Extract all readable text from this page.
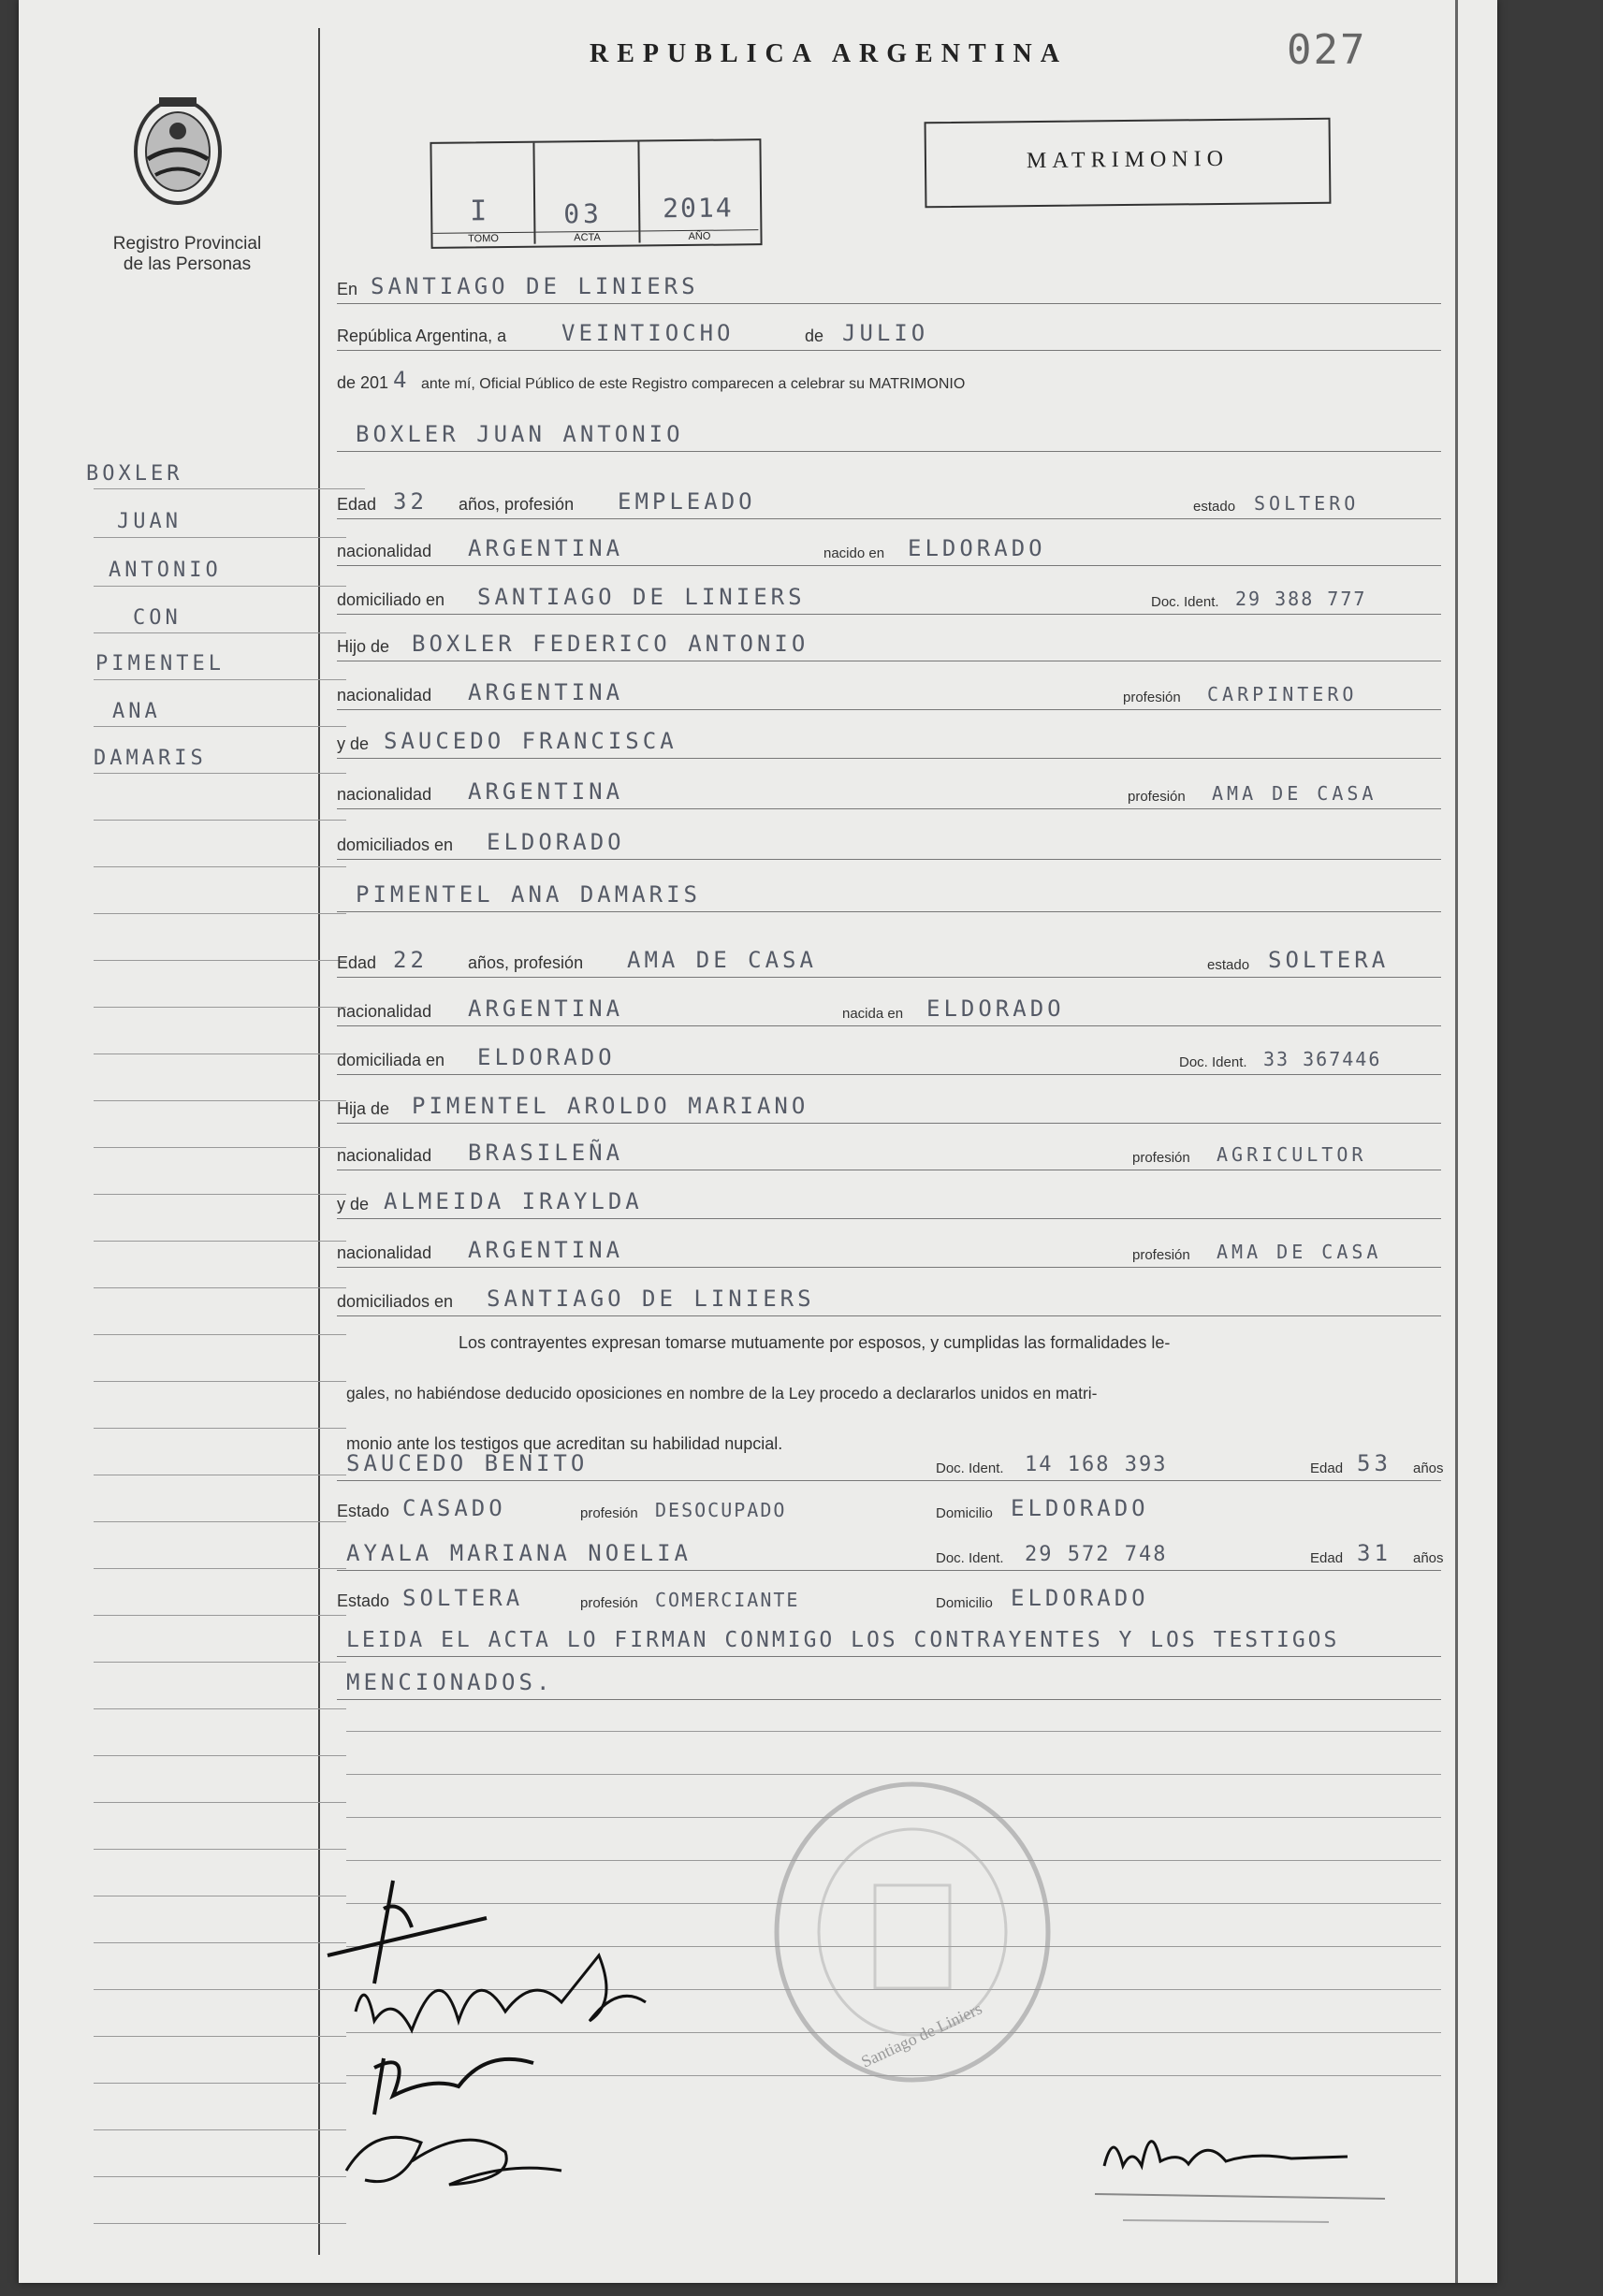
REPUBLICA ARGENTINA	027
Registro Provincial
de las Personas
I
TOMO
03
ACTA
2014
AÑO
MATRIMONIO
BOXLER
JUAN
ANTONIO
CON
PIMENTEL
ANA
DAMARIS
En SANTIAGO DE LINIERS
República Argentina, a VEINTIOCHO	de JULIO
de 201 4 ante mí, Oficial Público de este Registro comparecen a celebrar su MATRIMONIO
BOXLER JUAN ANTONIO
Edad 32 años, profesión EMPLEADO	estado SOLTERO
nacionalidad ARGENTINA	nacido en ELDORADO
domiciliado en SANTIAGO DE LINIERS	Doc. Ident. 29 388 777
Hijo de BOXLER FEDERICO ANTONIO
nacionalidad ARGENTINA	profesión CARPINTERO
y de SAUCEDO FRANCISCA
nacionalidad ARGENTINA	profesión AMA DE CASA
domiciliados en ELDORADO
PIMENTEL ANA DAMARIS
Edad 22 años, profesión AMA DE CASA	estado SOLTERA
nacionalidad ARGENTINA	nacida en ELDORADO
domiciliada en ELDORADO	Doc. Ident. 33 367446
Hija de PIMENTEL AROLDO MARIANO
nacionalidad BRASILEÑA	profesión AGRICULTOR
y de ALMEIDA IRAYLDA
nacionalidad ARGENTINA	profesión AMA DE CASA
domiciliados en SANTIAGO DE LINIERS
Los contrayentes expresan tomarse mutuamente por esposos, y cumplidas las formalidades le-
gales, no habiéndose deducido oposiciones en nombre de la Ley procedo a declararlos unidos en matri-
monio ante los testigos que acreditan su habilidad nupcial.
SAUCEDO BENITO	Doc. Ident. 14 168 393	Edad 53 años
Estado CASADO	profesión DESOCUPADO	Domicilio ELDORADO
AYALA MARIANA NOELIA	Doc. Ident. 29 572 748	Edad 31 años
Estado SOLTERA	profesión COMERCIANTE	Domicilio ELDORADO
LEIDA EL ACTA LO FIRMAN CONMIGO LOS CONTRAYENTES Y LOS TESTIGOS
MENCIONADOS.
Santiago de Liniers
